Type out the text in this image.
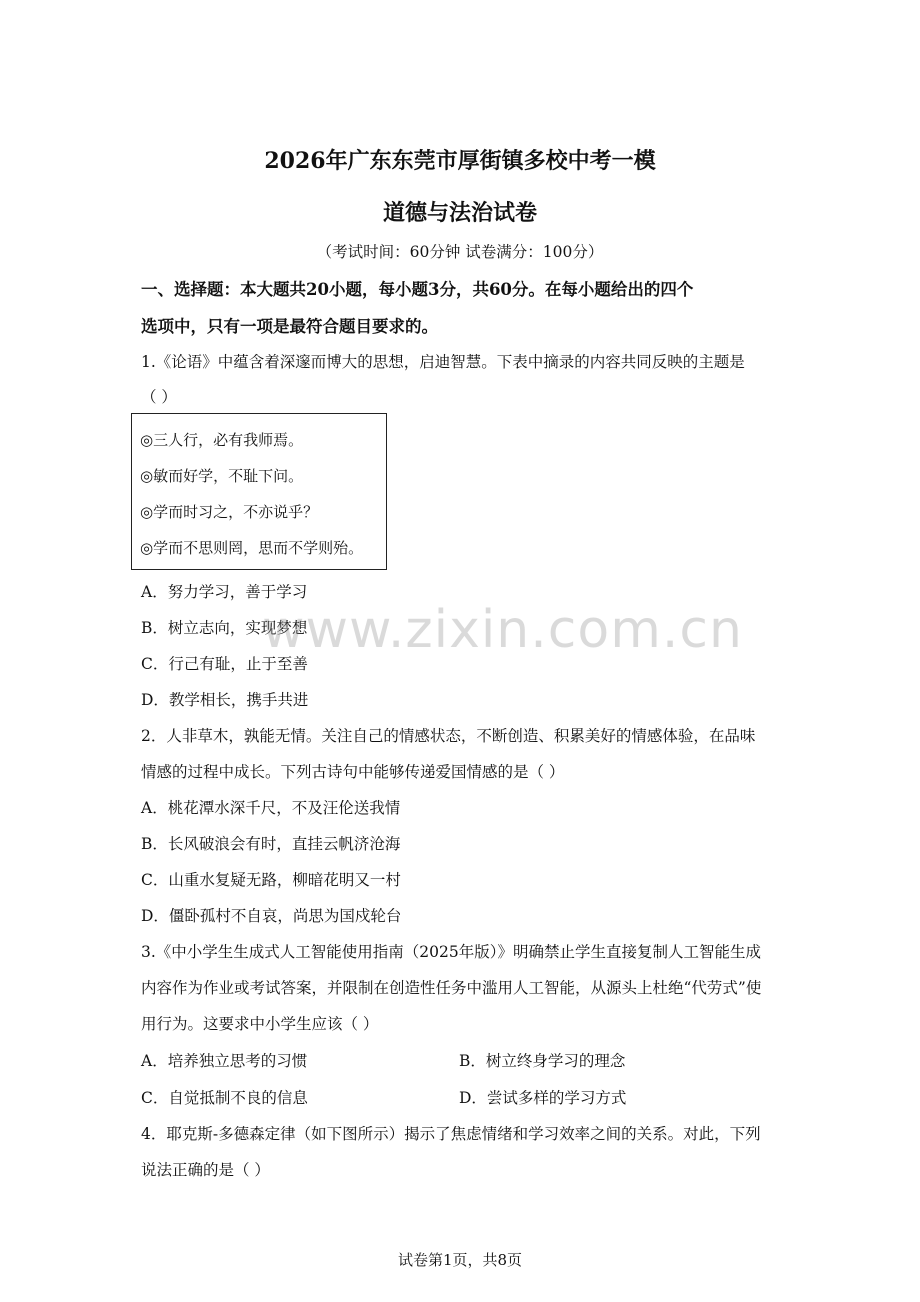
2026年广东东莞市厚街镇多校中考一模
道德与法治试卷
（考试时间：60分钟 试卷满分：100分）
一、选择题：本大题共20小题，每小题3分，共60分。在每小题给出的四个
选项中，只有一项是最符合题目要求的。
1.《论语》中蕴含着深邃而博大的思想，启迪智慧。下表中摘录的内容共同反映的主题是
（ ）
◎三人行，必有我师焉。
◎敏而好学，不耻下问。
◎学而时习之，不亦说乎？
◎学而不思则罔，思而不学则殆。
A．努力学习，善于学习
B．树立志向，实现梦想
C．行己有耻，止于至善
D．教学相长，携手共进
2．人非草木，孰能无情。关注自己的情感状态，不断创造、积累美好的情感体验，在品味
情感的过程中成长。下列古诗句中能够传递爱国情感的是（ ）
A．桃花潭水深千尺，不及汪伦送我情
B．长风破浪会有时，直挂云帆济沧海
C．山重水复疑无路，柳暗花明又一村
D．僵卧孤村不自哀，尚思为国戍轮台
3.《中小学生生成式人工智能使用指南（2025年版）》明确禁止学生直接复制人工智能生成
内容作为作业或考试答案，并限制在创造性任务中滥用人工智能，从源头上杜绝“代劳式”使
用行为。这要求中小学生应该（ ）
A．培养独立思考的习惯	B．树立终身学习的理念
C．自觉抵制不良的信息	D．尝试多样的学习方式
4．耶克斯-多德森定律（如下图所示）揭示了焦虑情绪和学习效率之间的关系。对此，下列
说法正确的是（ ）
www.zixin.com.cn
试卷第1页，共8页
